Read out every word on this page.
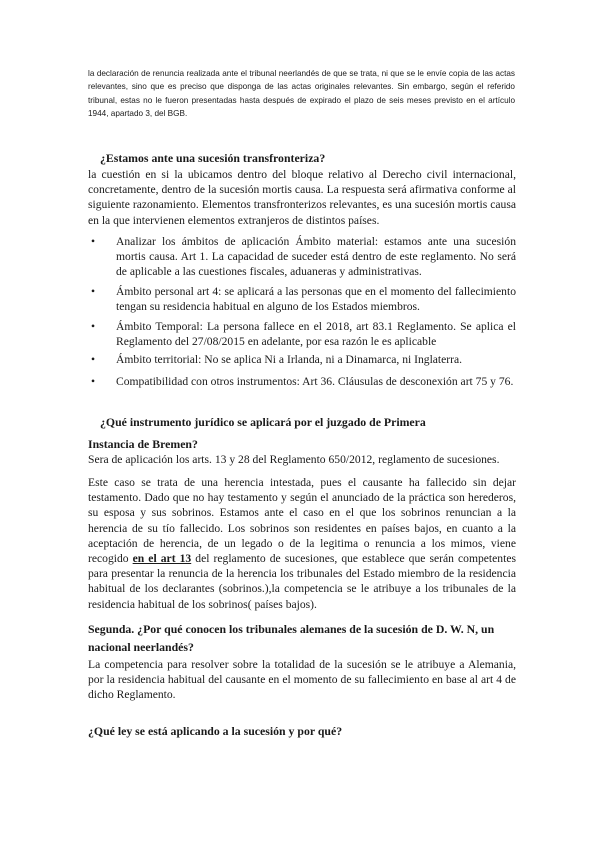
la declaración de renuncia realizada ante el tribunal neerlandés de que se trata, ni que se le envíe copia de las actas relevantes, sino que es preciso que disponga de las actas originales relevantes. Sin embargo, según el referido tribunal, estas no le fueron presentadas hasta después de expirado el plazo de seis meses previsto en el artículo 1944, apartado 3, del BGB.

¿Estamos ante una sucesión transfronteriza?

la cuestión en si la ubicamos dentro del bloque relativo al Derecho civil internacional, concretamente, dentro de la sucesión mortis causa. La respuesta será afirmativa conforme al siguiente razonamiento. Elementos transfronterizos relevantes, es una sucesión mortis causa en la que intervienen elementos extranjeros de distintos países.

• Analizar los ámbitos de aplicación Ámbito material: estamos ante una sucesión mortis causa. Art 1. La capacidad de suceder está dentro de este reglamento. No será de aplicable a las cuestiones fiscales, aduaneras y administrativas.
• Ámbito personal art 4: se aplicará a las personas que en el momento del fallecimiento tengan su residencia habitual en alguno de los Estados miembros.
• Ámbito Temporal: La persona fallece en el 2018, art 83.1 Reglamento. Se aplica el Reglamento del 27/08/2015 en adelante, por esa razón le es aplicable
• Ámbito territorial: No se aplica Ni a Irlanda, ni a Dinamarca, ni Inglaterra.
• Compatibilidad con otros instrumentos: Art 36. Cláusulas de desconexión art 75 y 76.
¿Qué instrumento jurídico se aplicará por el juzgado de Primera Instancia de Bremen?

Sera de aplicación los arts. 13 y 28 del Reglamento 650/2012, reglamento de sucesiones.

Este caso se trata de una herencia intestada, pues el causante ha fallecido sin dejar testamento. Dado que no hay testamento y según el anunciado de la práctica son herederos, su esposa y sus sobrinos. Estamos ante el caso en el que los sobrinos renuncian a la herencia de su tío fallecido. Los sobrinos son residentes en países bajos, en cuanto a la aceptación de herencia, de un legado o de la legitima o renuncia a los mimos, viene recogido en el art 13 del reglamento de sucesiones, que establece que serán competentes para presentar la renuncia de la herencia los tribunales del Estado miembro de la residencia habitual de los declarantes (sobrinos.),la competencia se le atribuye a los tribunales de la residencia habitual de los sobrinos( países bajos).

Segunda. ¿Por qué conocen los tribunales alemanes de la sucesión de D. W. N, un nacional neerlandés?

La competencia para resolver sobre la totalidad de la sucesión se le atribuye a Alemania, por la residencia habitual del causante en el momento de su fallecimiento en base al art 4 de dicho Reglamento.

¿Qué ley se está aplicando a la sucesión y por qué?
